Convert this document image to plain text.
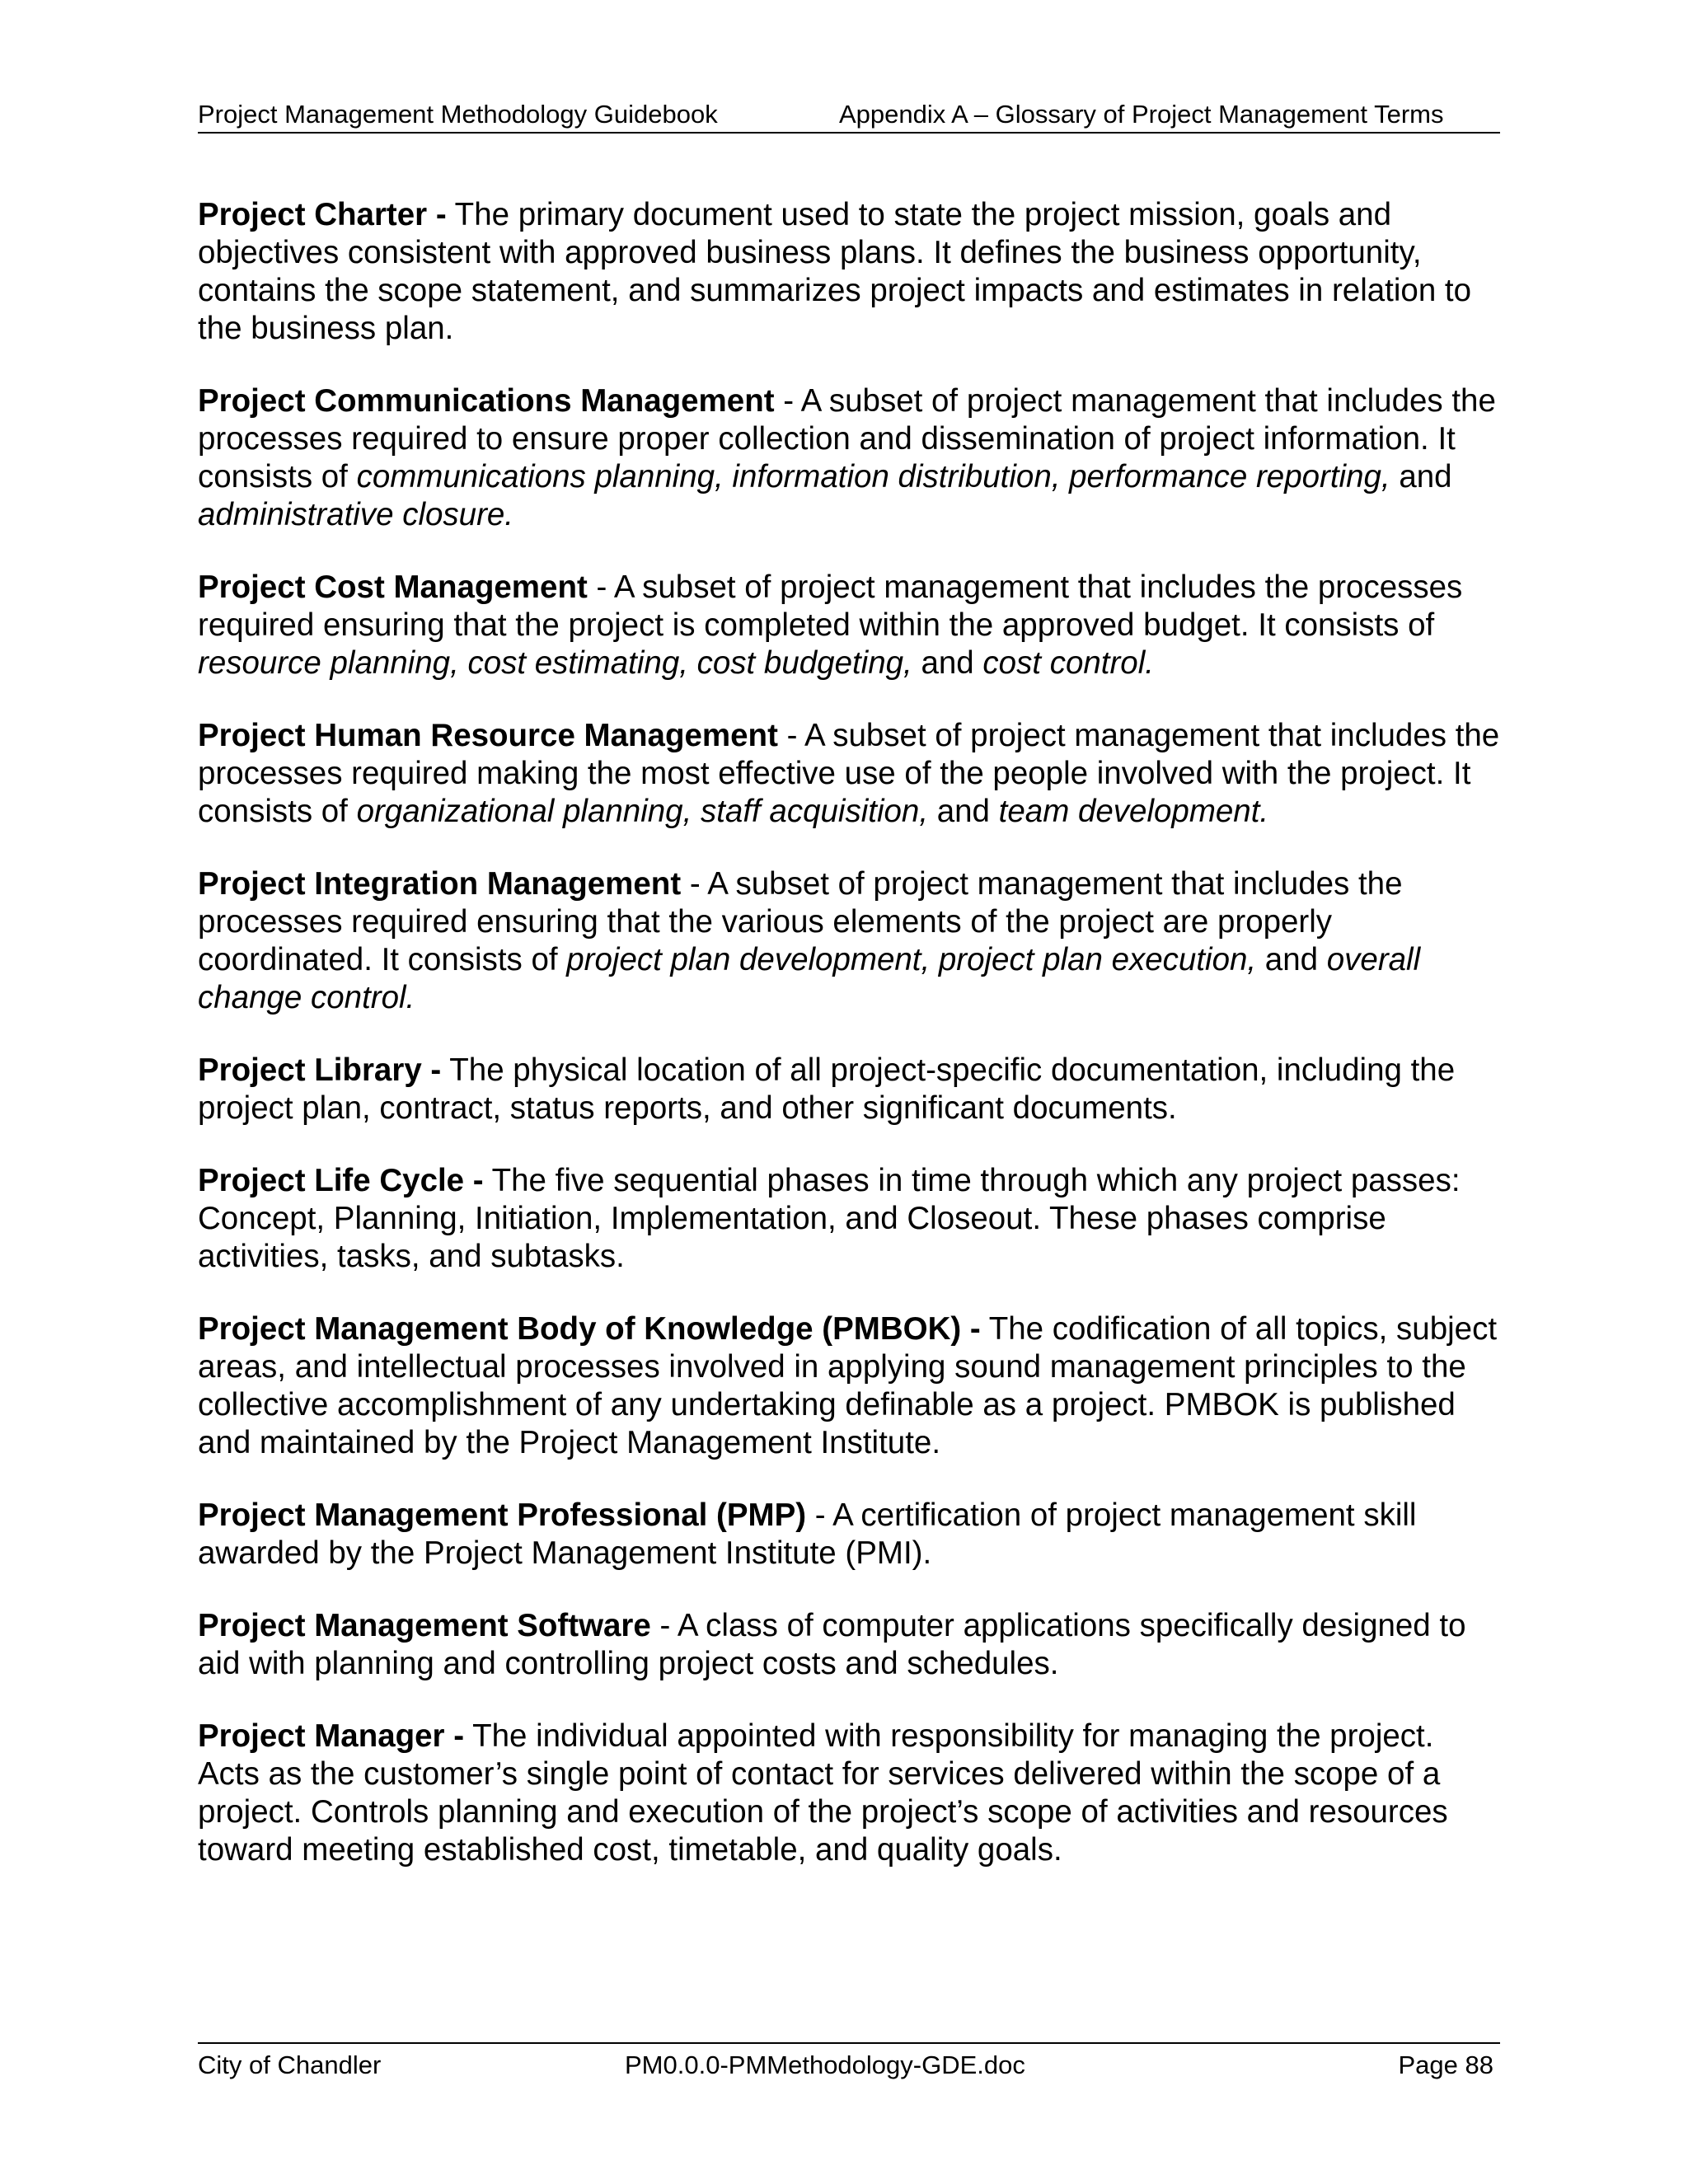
Project Management Methodology Guidebook	Appendix A – Glossary of Project Management Terms

Project Charter - The primary document used to state the project mission, goals and objectives consistent with approved business plans. It defines the business opportunity, contains the scope statement, and summarizes project impacts and estimates in relation to the business plan.

Project Communications Management - A subset of project management that includes the processes required to ensure proper collection and dissemination of project information. It consists of communications planning, information distribution, performance reporting, and administrative closure.

Project Cost Management - A subset of project management that includes the processes required ensuring that the project is completed within the approved budget. It consists of resource planning, cost estimating, cost budgeting, and cost control.

Project Human Resource Management - A subset of project management that includes the processes required making the most effective use of the people involved with the project. It consists of organizational planning, staff acquisition, and team development.

Project Integration Management - A subset of project management that includes the processes required ensuring that the various elements of the project are properly coordinated. It consists of project plan development, project plan execution, and overall change control.

Project Library - The physical location of all project-specific documentation, including the project plan, contract, status reports, and other significant documents.

Project Life Cycle - The five sequential phases in time through which any project passes: Concept, Planning, Initiation, Implementation, and Closeout. These phases comprise activities, tasks, and subtasks.

Project Management Body of Knowledge (PMBOK) - The codification of all topics, subject areas, and intellectual processes involved in applying sound management principles to the collective accomplishment of any undertaking definable as a project. PMBOK is published and maintained by the Project Management Institute.

Project Management Professional (PMP) - A certification of project management skill awarded by the Project Management Institute (PMI).

Project Management Software - A class of computer applications specifically designed to aid with planning and controlling project costs and schedules.

Project Manager - The individual appointed with responsibility for managing the project. Acts as the customer’s single point of contact for services delivered within the scope of a project. Controls planning and execution of the project’s scope of activities and resources toward meeting established cost, timetable, and quality goals.

City of Chandler	PM0.0.0-PMMethodology-GDE.doc	Page 88
